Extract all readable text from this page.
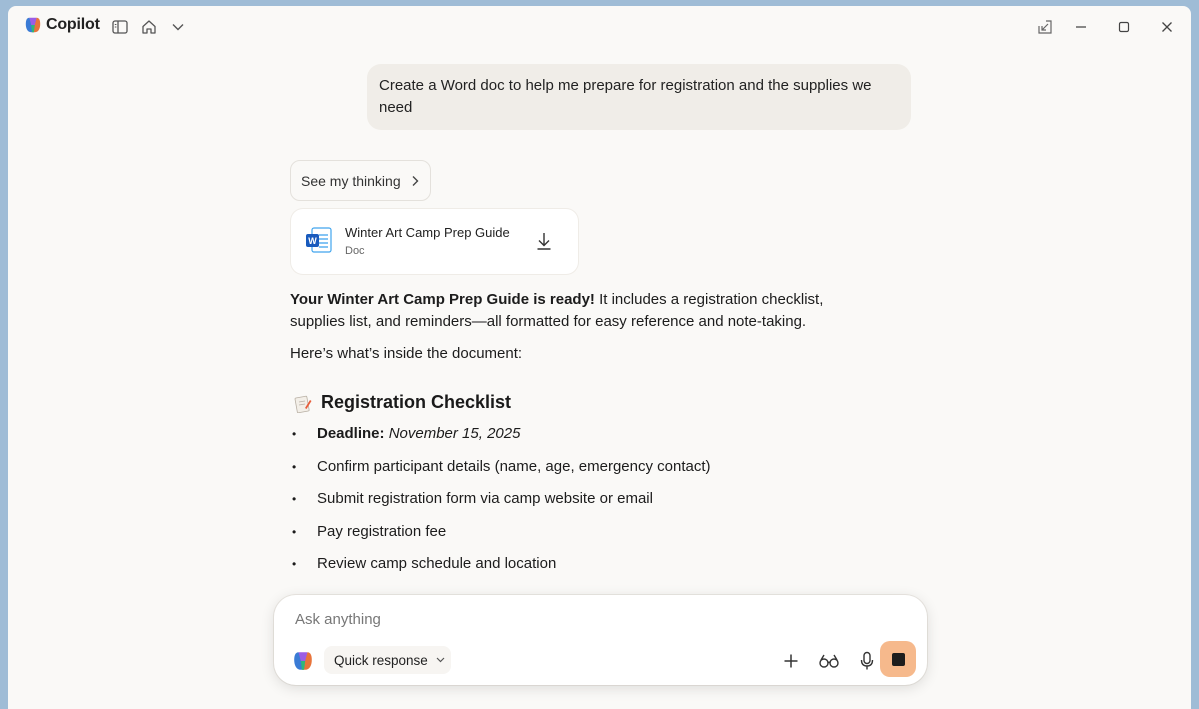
Copilot
Create a Word doc to help me prepare for registration and the supplies we need
See my thinking
W
Winter Art Camp Prep Guide
Doc

Your Winter Art Camp Prep Guide is ready! It includes a registration checklist, supplies list, and reminders—all formatted for easy reference and note-taking.

Here’s what’s inside the document:

Registration Checklist
•	Deadline: November 15, 2025
•	Confirm participant details (name, age, emergency contact)
•	Submit registration form via camp website or email
•	Pay registration fee
•	Review camp schedule and location
Ask anything
Quick response
